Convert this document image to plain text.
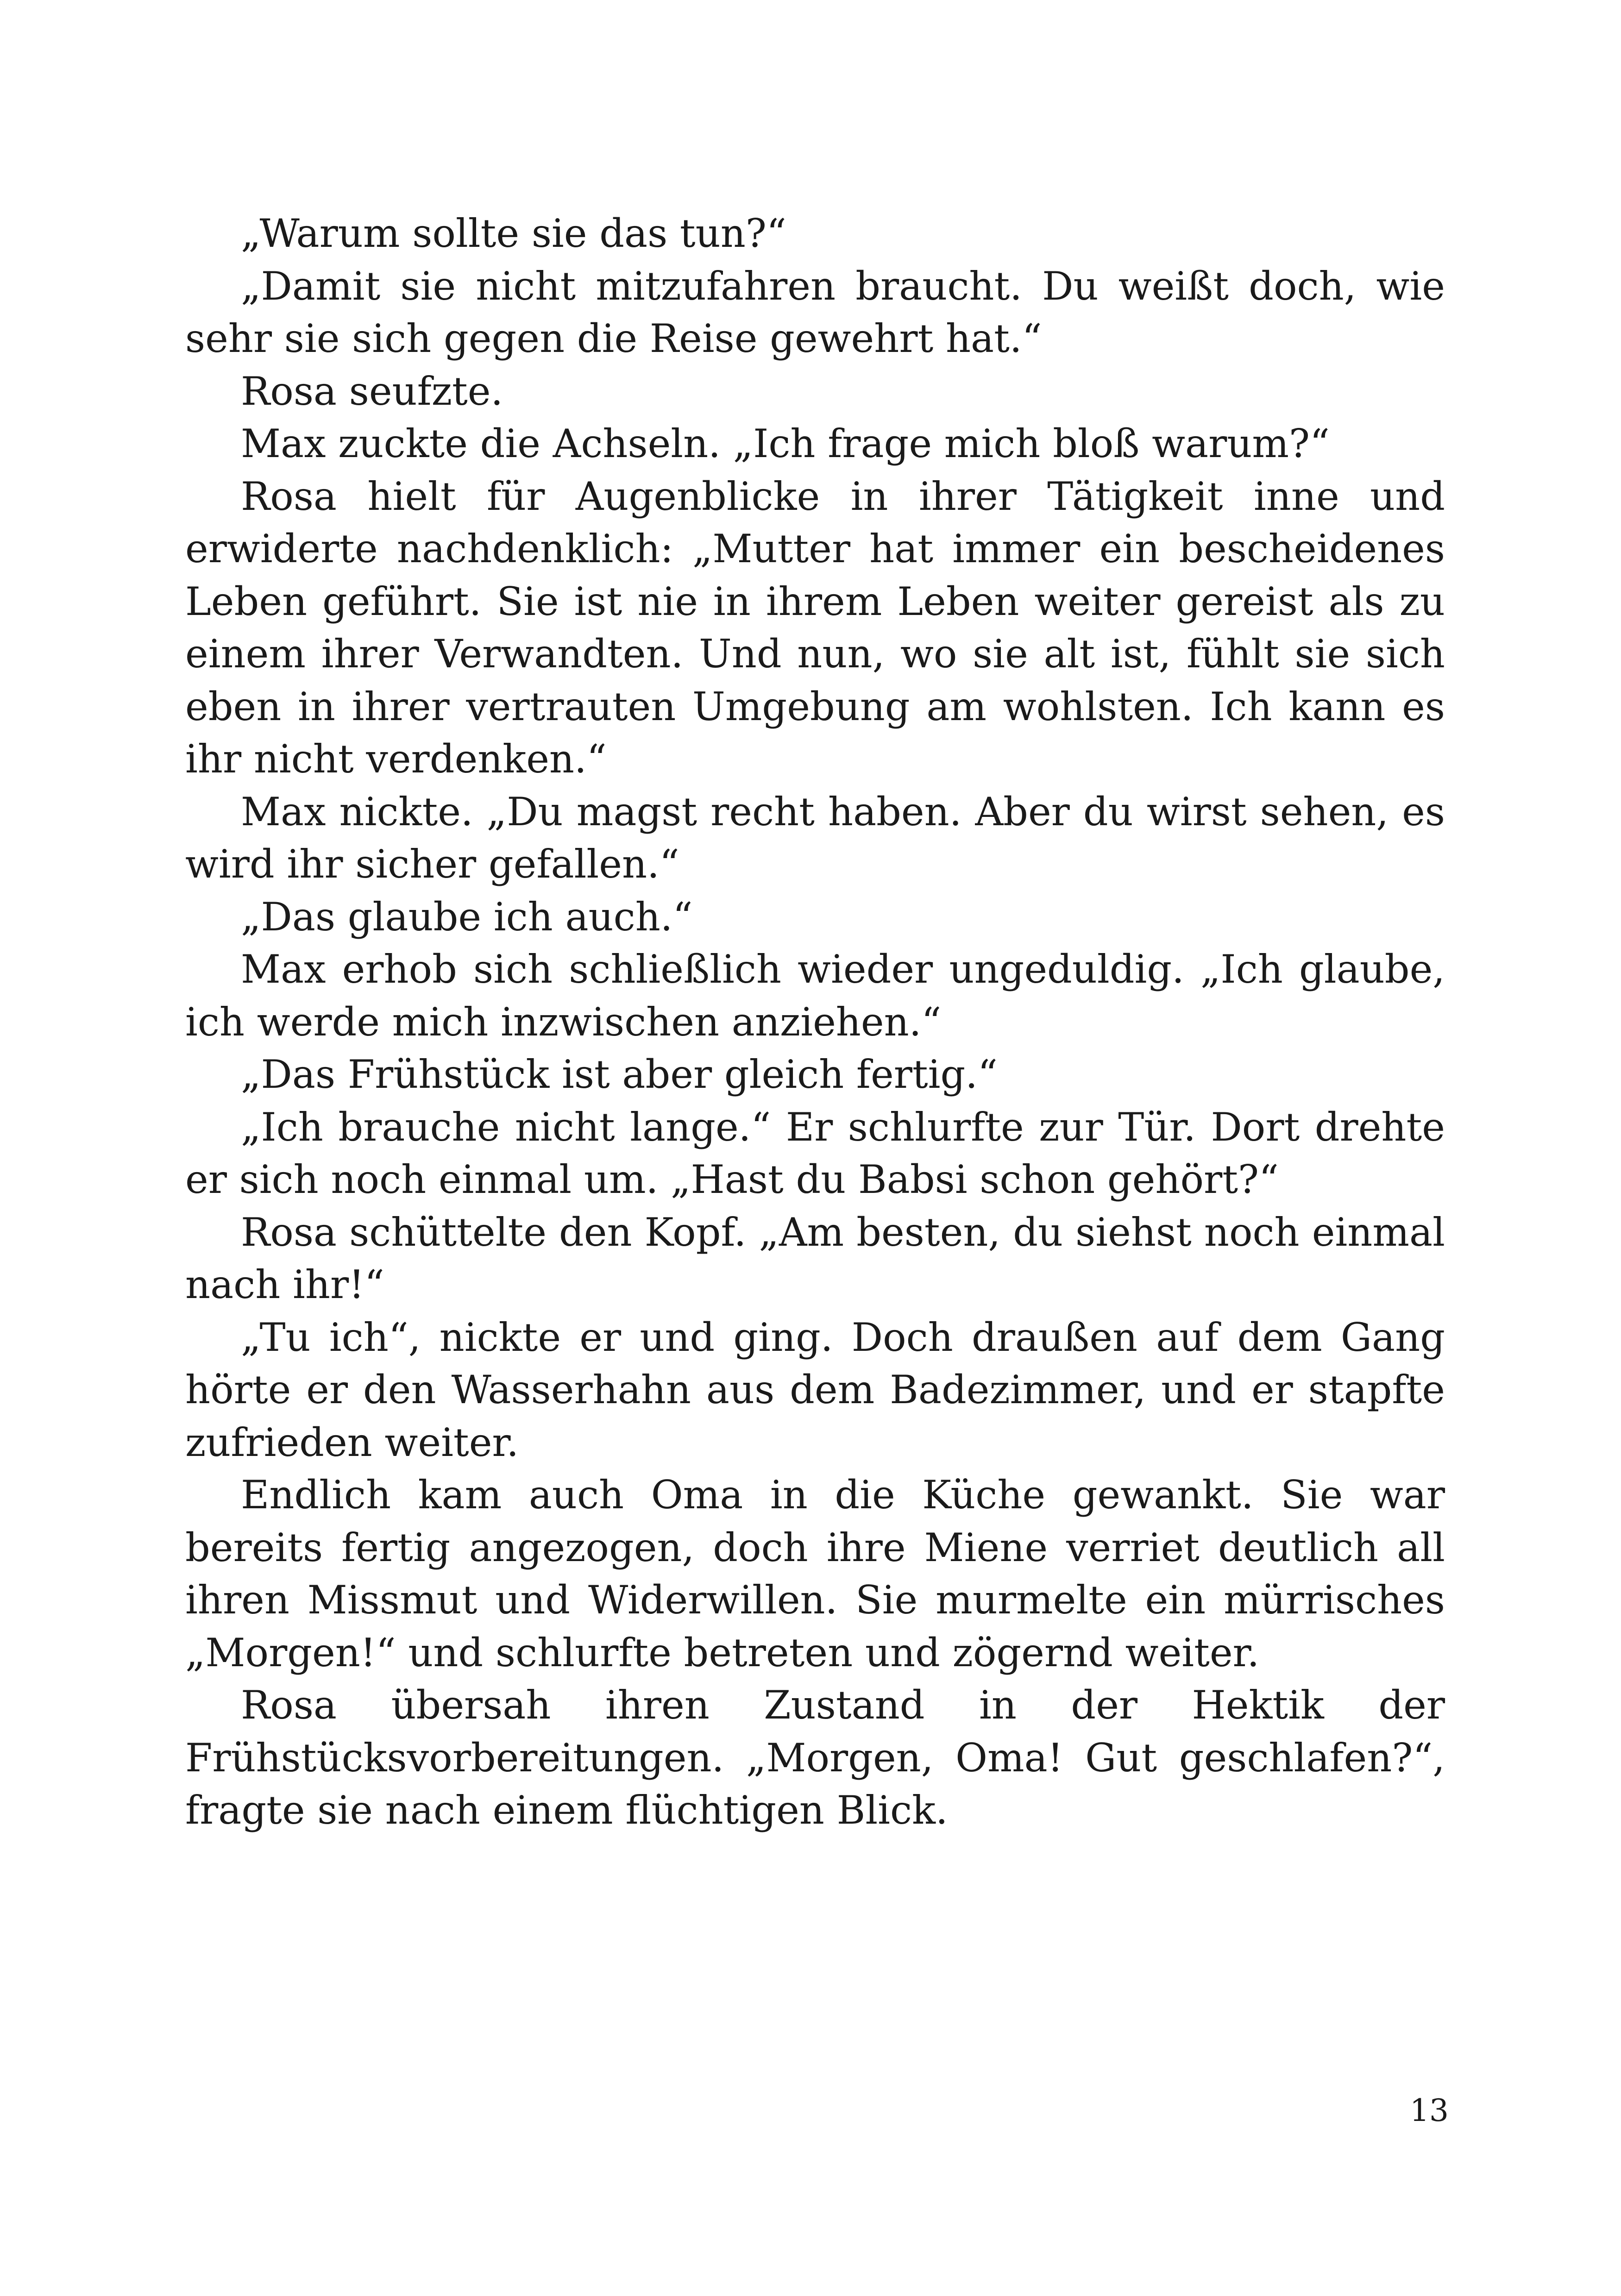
„Warum sollte sie das tun?“

„Damit sie nicht mitzufahren braucht. Du weißt doch, wie sehr sie sich gegen die Reise gewehrt hat.“

Rosa seufzte.

Max zuckte die Achseln. „Ich frage mich bloß warum?“

Rosa hielt für Augenblicke in ihrer Tätigkeit inne und erwiderte nachdenklich: „Mutter hat immer ein bescheidenes Leben geführt. Sie ist nie in ihrem Leben weiter gereist als zu einem ihrer Verwandten. Und nun, wo sie alt ist, fühlt sie sich eben in ihrer vertrauten Umgebung am wohlsten. Ich kann es ihr nicht verdenken.“

Max nickte. „Du magst recht haben. Aber du wirst sehen, es wird ihr sicher gefallen.“

„Das glaube ich auch.“

Max erhob sich schließlich wieder ungeduldig. „Ich glaube, ich werde mich inzwischen anziehen.“

„Das Frühstück ist aber gleich fertig.“

„Ich brauche nicht lange.“ Er schlurfte zur Tür. Dort drehte er sich noch einmal um. „Hast du Babsi schon gehört?“

Rosa schüttelte den Kopf. „Am besten, du siehst noch einmal nach ihr!“

„Tu ich“, nickte er und ging. Doch draußen auf dem Gang hörte er den Wasserhahn aus dem Badezimmer, und er stapfte zufrieden weiter.

Endlich kam auch Oma in die Küche gewankt. Sie war bereits fertig angezogen, doch ihre Miene verriet deutlich all ihren Missmut und Widerwillen. Sie murmelte ein mürrisches „Morgen!“ und schlurfte betreten und zögernd weiter.

Rosa übersah ihren Zustand in der Hektik der Frühstücksvorbereitungen. „Morgen, Oma! Gut geschlafen?“, fragte sie nach einem flüchtigen Blick.

13
